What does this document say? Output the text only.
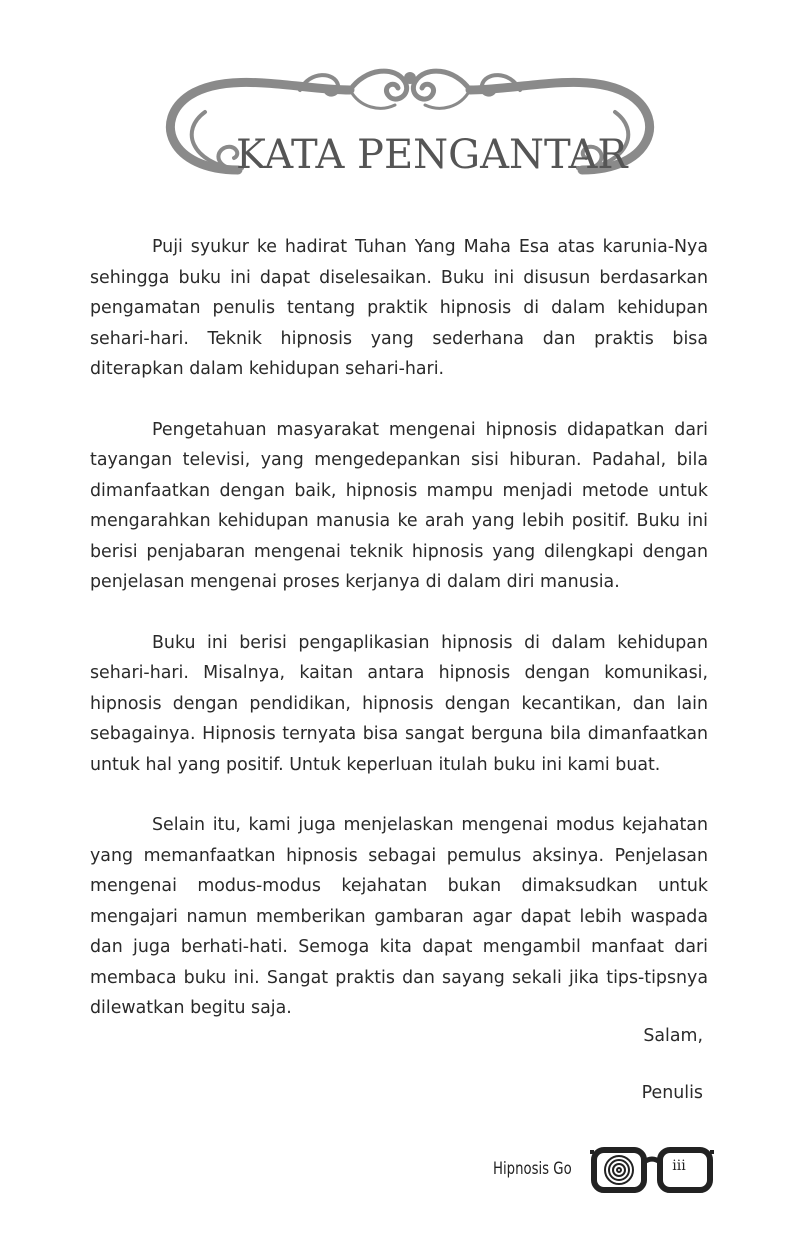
KATA PENGANTAR

Puji syukur ke hadirat Tuhan Yang Maha Esa atas karunia-Nya sehingga buku ini dapat diselesaikan. Buku ini disusun berdasarkan pengamatan penulis tentang praktik hipnosis di dalam kehidupan sehari-hari. Teknik hipnosis yang sederhana dan praktis bisa diterapkan dalam kehidupan sehari-hari.

Pengetahuan masyarakat mengenai hipnosis didapatkan dari tayangan televisi, yang mengedepankan sisi hiburan. Padahal, bila dimanfaatkan dengan baik, hipnosis mampu menjadi metode untuk mengarahkan kehidupan manusia ke arah yang lebih positif. Buku ini berisi penjabaran mengenai teknik hipnosis yang dilengkapi dengan penjelasan mengenai proses kerjanya di dalam diri manusia.

Buku ini berisi pengaplikasian hipnosis di dalam kehidupan sehari-hari. Misalnya, kaitan antara hipnosis dengan komunikasi, hipnosis dengan pendidikan, hipnosis dengan kecantikan, dan lain sebagainya. Hipnosis ternyata bisa sangat berguna bila dimanfaatkan untuk hal yang positif. Untuk keperluan itulah buku ini kami buat.

Selain itu, kami juga menjelaskan mengenai modus kejahatan yang memanfaatkan hipnosis sebagai pemulus aksinya. Penjelasan mengenai modus-modus kejahatan bukan dimaksudkan untuk mengajari namun memberikan gambaran agar dapat lebih waspada dan juga berhati-hati. Semoga kita dapat mengambil manfaat dari membaca buku ini. Sangat praktis dan sayang sekali jika tips-tipsnya dilewatkan begitu saja.

Salam,
Penulis
Hipnosis Go	iii
